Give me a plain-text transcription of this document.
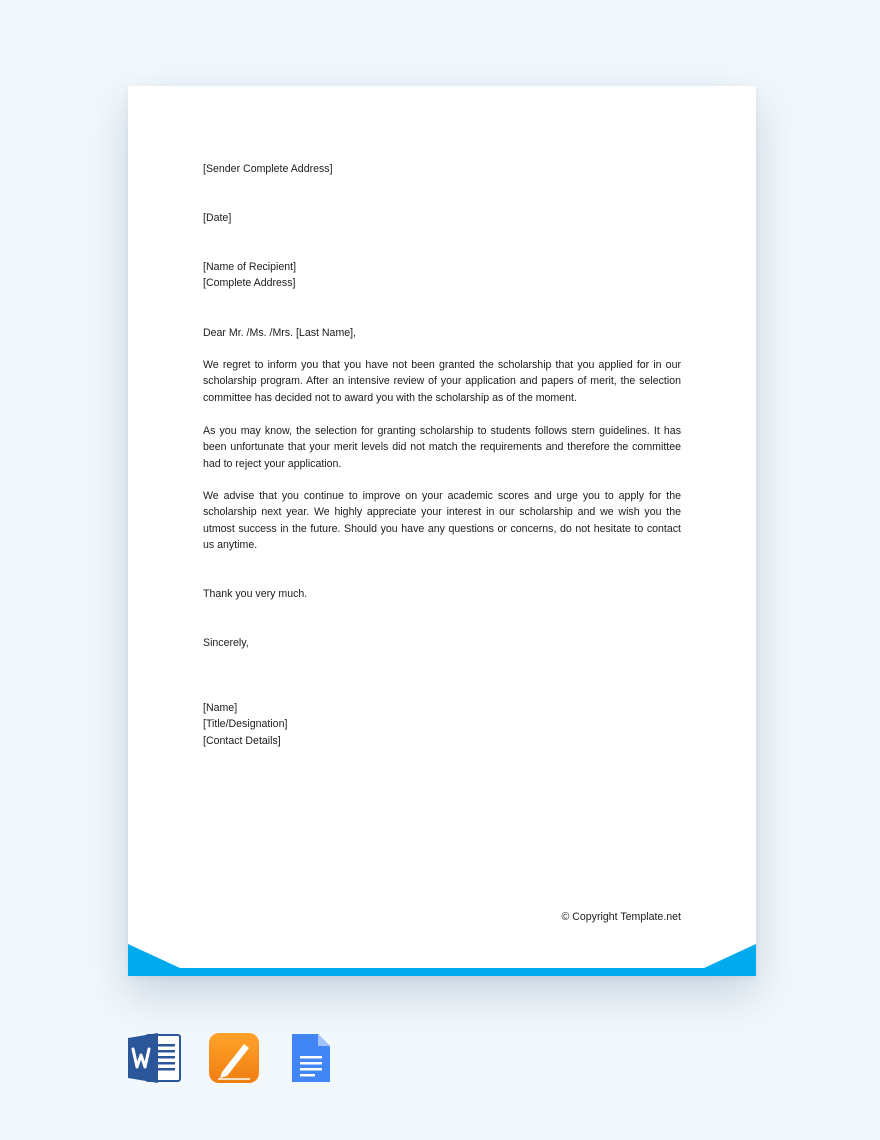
[Sender Complete Address]
[Date]
[Name of Recipient]
[Complete Address]
Dear Mr. /Ms. /Mrs. [Last Name],
We regret to inform you that you have not been granted the scholarship that you applied for in our scholarship program. After an intensive review of your application and papers of merit, the selection committee has decided not to award you with the scholarship as of the moment.
As you may know, the selection for granting scholarship to students follows stern guidelines. It has been unfortunate that your merit levels did not match the requirements and therefore the committee had to reject your application.
We advise that you continue to improve on your academic scores and urge you to apply for the scholarship next year. We highly appreciate your interest in our scholarship and we wish you the utmost success in the future. Should you have any questions or concerns, do not hesitate to contact us anytime.
Thank you very much.
Sincerely,
[Name]
[Title/Designation]
[Contact Details]
© Copyright Template.net
